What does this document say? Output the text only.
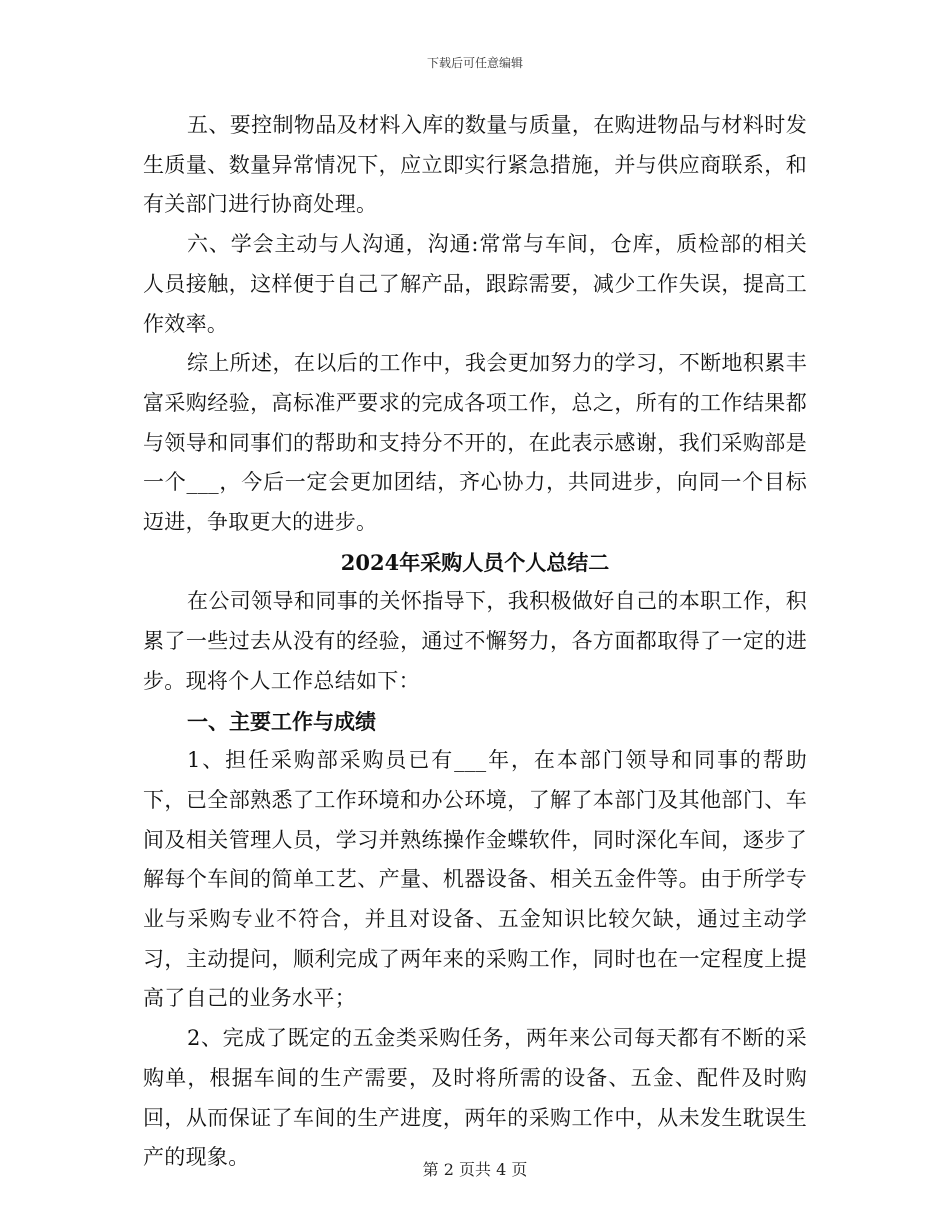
下载后可任意编辑

五、要控制物品及材料入库的数量与质量，在购进物品与材料时发生质量、数量异常情况下，应立即实行紧急措施，并与供应商联系，和有关部门进行协商处理。

六、学会主动与人沟通，沟通:常常与车间，仓库，质检部的相关人员接触，这样便于自己了解产品，跟踪需要，减少工作失误，提高工作效率。

综上所述，在以后的工作中，我会更加努力的学习，不断地积累丰富采购经验，高标准严要求的完成各项工作，总之，所有的工作结果都与领导和同事们的帮助和支持分不开的，在此表示感谢，我们采购部是一个___，今后一定会更加团结，齐心协力，共同进步，向同一个目标迈进，争取更大的进步。

2024年采购人员个人总结二

在公司领导和同事的关怀指导下，我积极做好自己的本职工作，积累了一些过去从没有的经验，通过不懈努力，各方面都取得了一定的进步。现将个人工作总结如下：

一、主要工作与成绩

1、担任采购部采购员已有___年，在本部门领导和同事的帮助下，已全部熟悉了工作环境和办公环境，了解了本部门及其他部门、车间及相关管理人员，学习并熟练操作金蝶软件，同时深化车间，逐步了解每个车间的简单工艺、产量、机器设备、相关五金件等。由于所学专业与采购专业不符合，并且对设备、五金知识比较欠缺，通过主动学习，主动提问，顺利完成了两年来的采购工作，同时也在一定程度上提高了自己的业务水平；

2、完成了既定的五金类采购任务，两年来公司每天都有不断的采购单，根据车间的生产需要，及时将所需的设备、五金、配件及时购回，从而保证了车间的生产进度，两年的采购工作中，从未发生耽误生产的现象。

第 2 页共 4 页
